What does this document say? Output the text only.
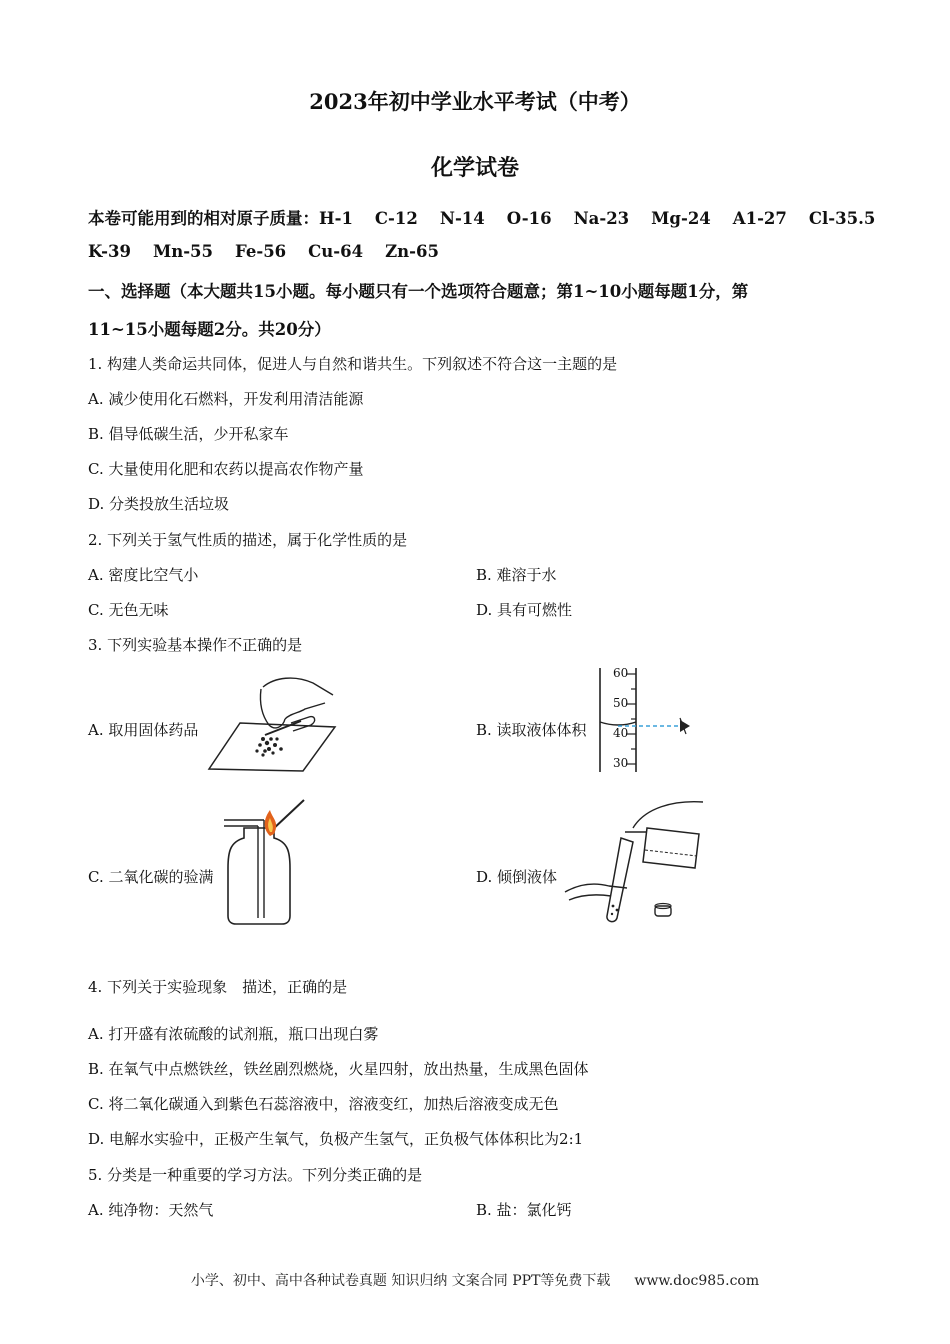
2023年初中学业水平考试（中考）
化学试卷
本卷可能用到的相对原子质量：H-1 C-12 N-14 O-16 Na-23 Mg-24 A1-27 Cl-35.5
K-39 Mn-55 Fe-56 Cu-64 Zn-65
一、选择题（本大题共15小题。每小题只有一个选项符合题意；第1~10小题每题1分，第
11~15小题每题2分。共20分）
1. 构建人类命运共同体，促进人与自然和谐共生。下列叙述不符合这一主题的是
A. 减少使用化石燃料，开发利用清洁能源
B. 倡导低碳生活，少开私家车
C. 大量使用化肥和农药以提高农作物产量
D. 分类投放生活垃圾
2. 下列关于氢气性质的描述，属于化学性质的是
A. 密度比空气小	B. 难溶于水
C. 无色无味	D. 具有可燃性
3. 下列实验基本操作不正确的是
A. 取用固体药品	B. 读取液体体积
C. 二氧化碳的验满	D. 倾倒液体
60
50
40
30
4. 下列关于实验现象　描述，正确的是
A. 打开盛有浓硫酸的试剂瓶，瓶口出现白雾
B. 在氧气中点燃铁丝，铁丝剧烈燃烧，火星四射，放出热量，生成黑色固体
C. 将二氧化碳通入到紫色石蕊溶液中，溶液变红，加热后溶液变成无色
D. 电解水实验中，正极产生氧气，负极产生氢气，正负极气体体积比为2:1
5. 分类是一种重要的学习方法。下列分类正确的是
A. 纯净物：天然气	B. 盐：氯化钙
小学、初中、高中各种试卷真题 知识归纳 文案合同 PPT等免费下载 www.doc985.com
